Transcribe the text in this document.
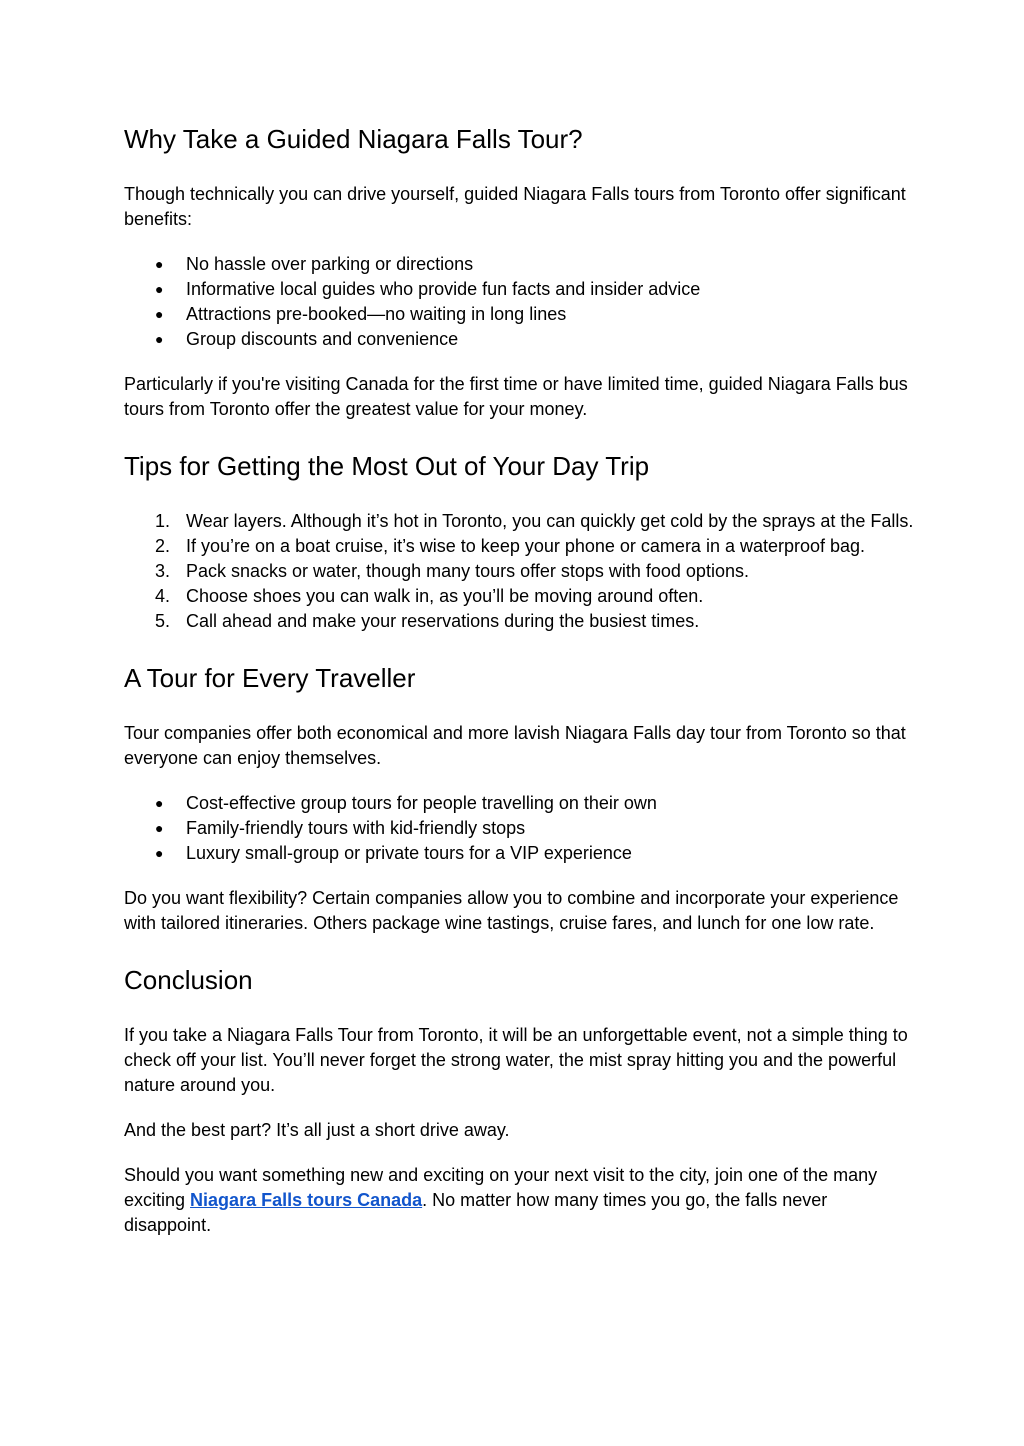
Why Take a Guided Niagara Falls Tour?

Though technically you can drive yourself, guided Niagara Falls tours from Toronto offer significant benefits:

●	No hassle over parking or directions
●	Informative local guides who provide fun facts and insider advice
●	Attractions pre-booked—no waiting in long lines
●	Group discounts and convenience

Particularly if you're visiting Canada for the first time or have limited time, guided Niagara Falls bus tours from Toronto offer the greatest value for your money.

Tips for Getting the Most Out of Your Day Trip
1. Wear layers. Although it’s hot in Toronto, you can quickly get cold by the sprays at the Falls.
2. If you’re on a boat cruise, it’s wise to keep your phone or camera in a waterproof bag.
3. Pack snacks or water, though many tours offer stops with food options.
4. Choose shoes you can walk in, as you’ll be moving around often.
5. Call ahead and make your reservations during the busiest times.
A Tour for Every Traveller

Tour companies offer both economical and more lavish Niagara Falls day tour from Toronto so that everyone can enjoy themselves.

●	Cost-effective group tours for people travelling on their own
●	Family-friendly tours with kid-friendly stops
●	Luxury small-group or private tours for a VIP experience

Do you want flexibility? Certain companies allow you to combine and incorporate your experience with tailored itineraries. Others package wine tastings, cruise fares, and lunch for one low rate.

Conclusion

If you take a Niagara Falls Tour from Toronto, it will be an unforgettable event, not a simple thing to check off your list. You’ll never forget the strong water, the mist spray hitting you and the powerful nature around you.

And the best part? It’s all just a short drive away.

Should you want something new and exciting on your next visit to the city, join one of the many exciting Niagara Falls tours Canada. No matter how many times you go, the falls never disappoint.
